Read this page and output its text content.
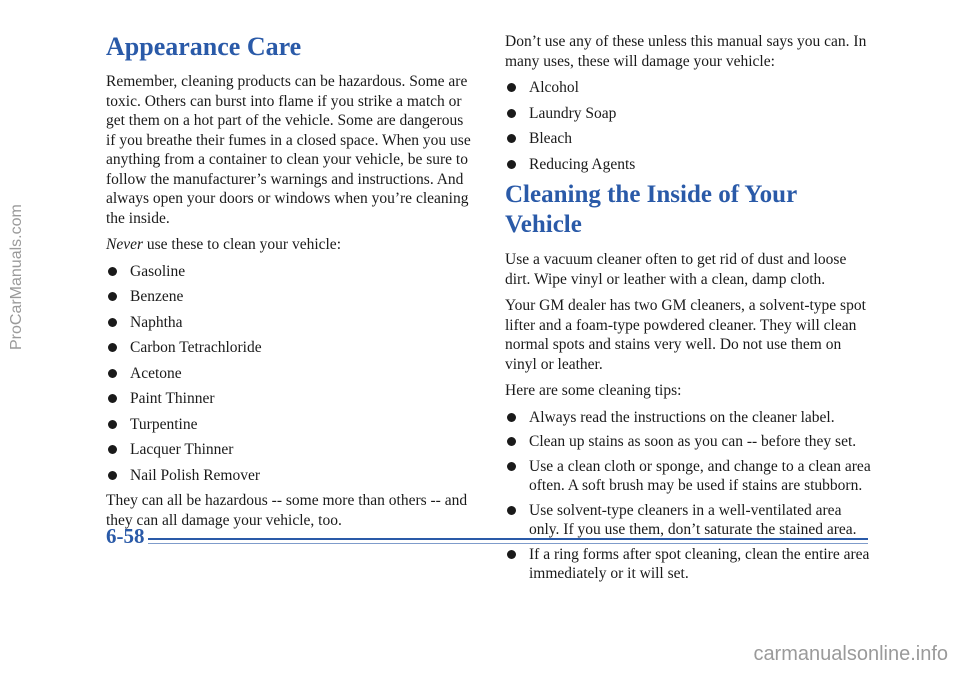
Appearance Care

Remember, cleaning products can be hazardous. Some are toxic. Others can burst into flame if you strike a match or get them on a hot part of the vehicle. Some are dangerous if you breathe their fumes in a closed space. When you use anything from a container to clean your vehicle, be sure to follow the manufacturer’s warnings and instructions. And always open your doors or windows when you’re cleaning the inside.

Never use these to clean your vehicle:

Gasoline
Benzene
Naphtha
Carbon Tetrachloride
Acetone
Paint Thinner
Turpentine
Lacquer Thinner
Nail Polish Remover

They can all be hazardous -- some more than others -- and they can all damage your vehicle, too.

Don’t use any of these unless this manual says you can. In many uses, these will damage your vehicle:

Alcohol
Laundry Soap
Bleach
Reducing Agents
Cleaning the Inside of Your Vehicle

Use a vacuum cleaner often to get rid of dust and loose dirt. Wipe vinyl or leather with a clean, damp cloth.

Your GM dealer has two GM cleaners, a solvent-type spot lifter and a foam-type powdered cleaner. They will clean normal spots and stains very well. Do not use them on vinyl or leather.

Here are some cleaning tips:

Always read the instructions on the cleaner label.
Clean up stains as soon as you can -- before they set.
Use a clean cloth or sponge, and change to a clean area often. A soft brush may be used if stains are stubborn.
Use solvent-type cleaners in a well-ventilated area only. If you use them, don’t saturate the stained area.
If a ring forms after spot cleaning, clean the entire area immediately or it will set.
6-58
ProCarManuals.com
carmanualsonline.info
